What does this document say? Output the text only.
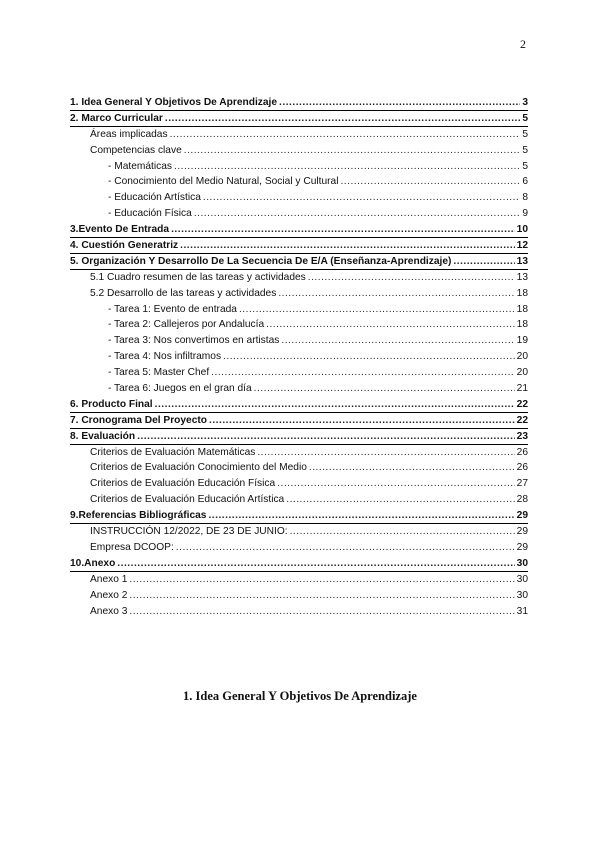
2
1. Idea General Y Objetivos De Aprendizaje .....	3
2. Marco Curricular .....	5
Áreas implicadas .....	5
Competencias clave .....	5
- Matemáticas .....	5
- Conocimiento del Medio Natural, Social y Cultural .....	6
- Educación Artística .....	8
- Educación Física .....	9
3.Evento De Entrada .....	10
4. Cuestión Generatriz .....	12
5. Organización Y Desarrollo De La Secuencia De E/A (Enseñanza-Aprendizaje) .....	13
5.1 Cuadro resumen de las tareas y actividades .....	13
5.2 Desarrollo de las tareas y actividades .....	18
- Tarea 1: Evento de entrada .....	18
- Tarea 2: Callejeros por Andalucía .....	18
- Tarea 3: Nos convertimos en artistas .....	19
- Tarea 4: Nos infiltramos .....	20
- Tarea 5: Master Chef .....	20
- Tarea 6: Juegos en el gran día .....	21
6. Producto Final .....	22
7. Cronograma Del Proyecto .....	22
8. Evaluación .....	23
Criterios de Evaluación Matemáticas .....	26
Criterios de Evaluación Conocimiento del Medio .....	26
Criterios de Evaluación Educación Física .....	27
Criterios de Evaluación Educación Artística .....	28
9.Referencias Bibliográficas .....	29
INSTRUCCIÓN 12/2022, DE 23 DE JUNIO: .....	29
Empresa DCOOP: .....	29
10.Anexo .....	30
Anexo 1 .....	30
Anexo 2 .....	30
Anexo 3 .....	31
1. Idea General Y Objetivos De Aprendizaje
